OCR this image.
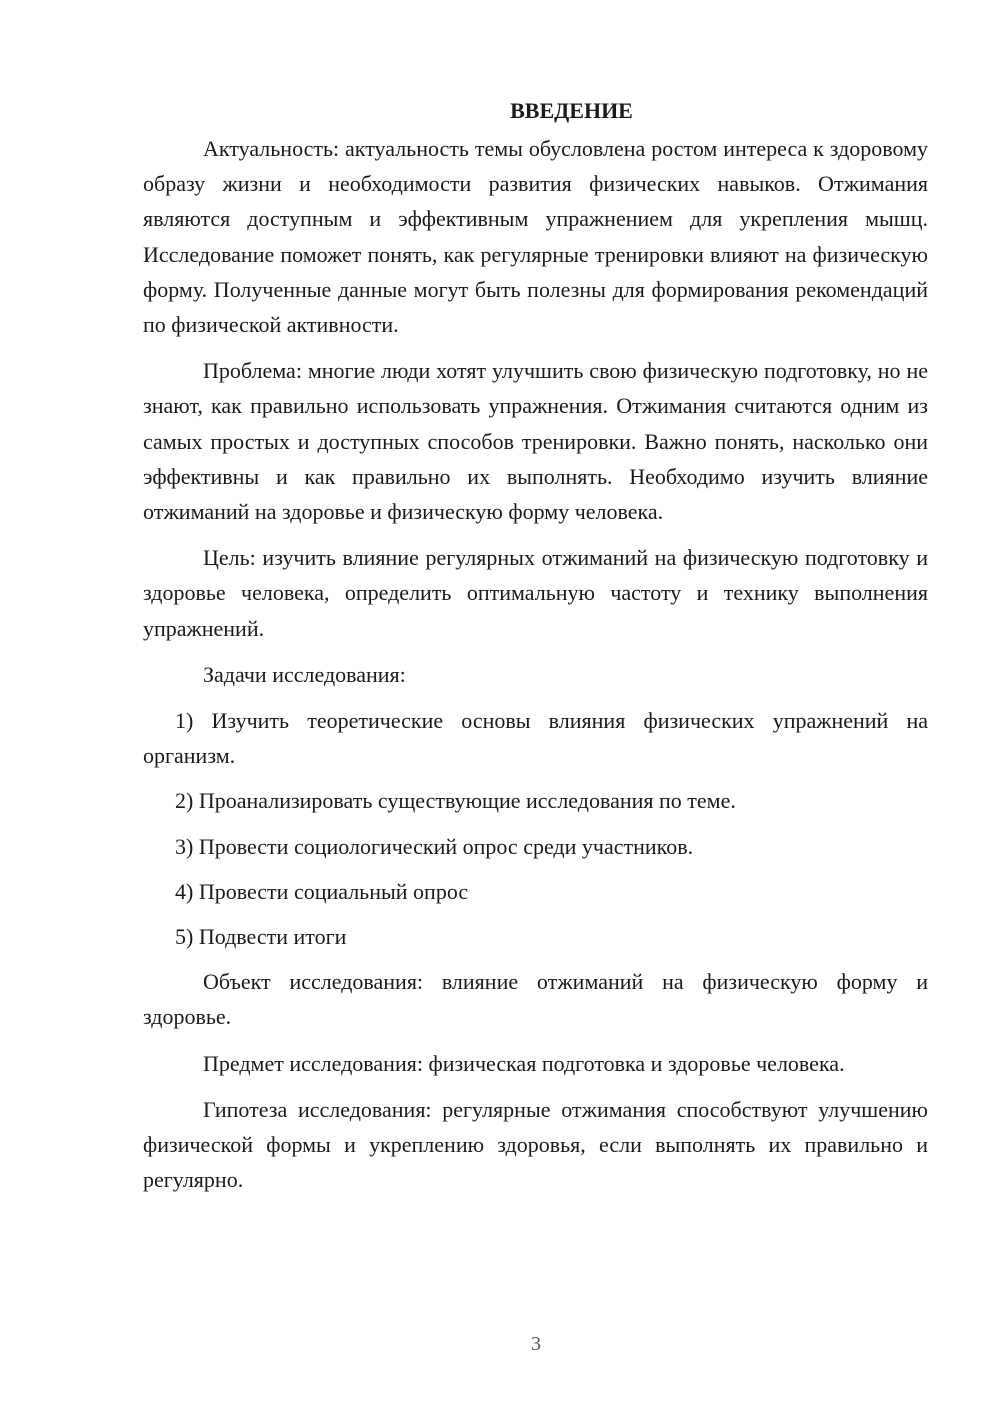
ВВЕДЕНИЕ

Актуальность: актуальность темы обусловлена ростом интереса к здоровому образу жизни и необходимости развития физических навыков. Отжимания являются доступным и эффективным упражнением для укрепления мышц. Исследование поможет понять, как регулярные тренировки влияют на физическую форму. Полученные данные могут быть полезны для формирования рекомендаций по физической активности.

Проблема: многие люди хотят улучшить свою физическую подготовку, но не знают, как правильно использовать упражнения. Отжимания считаются одним из самых простых и доступных способов тренировки. Важно понять, насколько они эффективны и как правильно их выполнять. Необходимо изучить влияние отжиманий на здоровье и физическую форму человека.

Цель: изучить влияние регулярных отжиманий на физическую подготовку и здоровье человека, определить оптимальную частоту и технику выполнения упражнений.

Задачи исследования:

1) Изучить теоретические основы влияния физических упражнений на организм.

2) Проанализировать существующие исследования по теме.

3) Провести социологический опрос среди участников.

4) Провести социальный опрос

5) Подвести итоги

Объект исследования: влияние отжиманий на физическую форму и здоровье.

Предмет исследования: физическая подготовка и здоровье человека.

Гипотеза исследования: регулярные отжимания способствуют улучшению физической формы и укреплению здоровья, если выполнять их правильно и регулярно.

3
